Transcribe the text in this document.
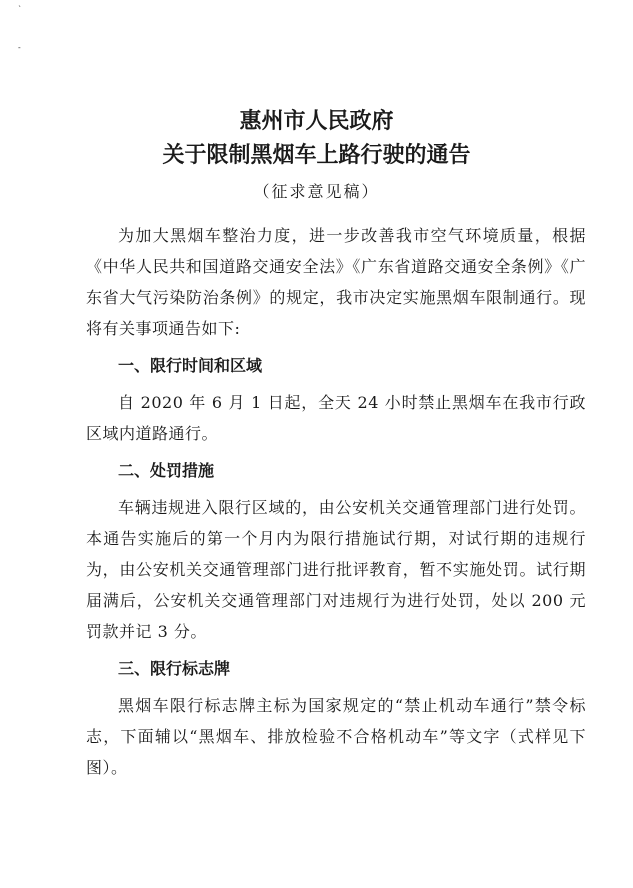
`
-
惠州市人民政府
关于限制黑烟车上路行驶的通告
（征求意见稿）

为加大黑烟车整治力度，进一步改善我市空气环境质量，根据《中华人民共和国道路交通安全法》《广东省道路交通安全条例》《广东省大气污染防治条例》的规定，我市决定实施黑烟车限制通行。现将有关事项通告如下:

一、限行时间和区域

自 2020 年 6 月 1 日起，全天 24 小时禁止黑烟车在我市行政区域内道路通行。

二、处罚措施

车辆违规进入限行区域的，由公安机关交通管理部门进行处罚。本通告实施后的第一个月内为限行措施试行期，对试行期的违规行为，由公安机关交通管理部门进行批评教育，暂不实施处罚。试行期届满后，公安机关交通管理部门对违规行为进行处罚，处以 200 元罚款并记 3 分。

三、限行标志牌

黑烟车限行标志牌主标为国家规定的“禁止机动车通行”禁令标志，下面辅以“黑烟车、排放检验不合格机动车”等文字（式样见下图）。
